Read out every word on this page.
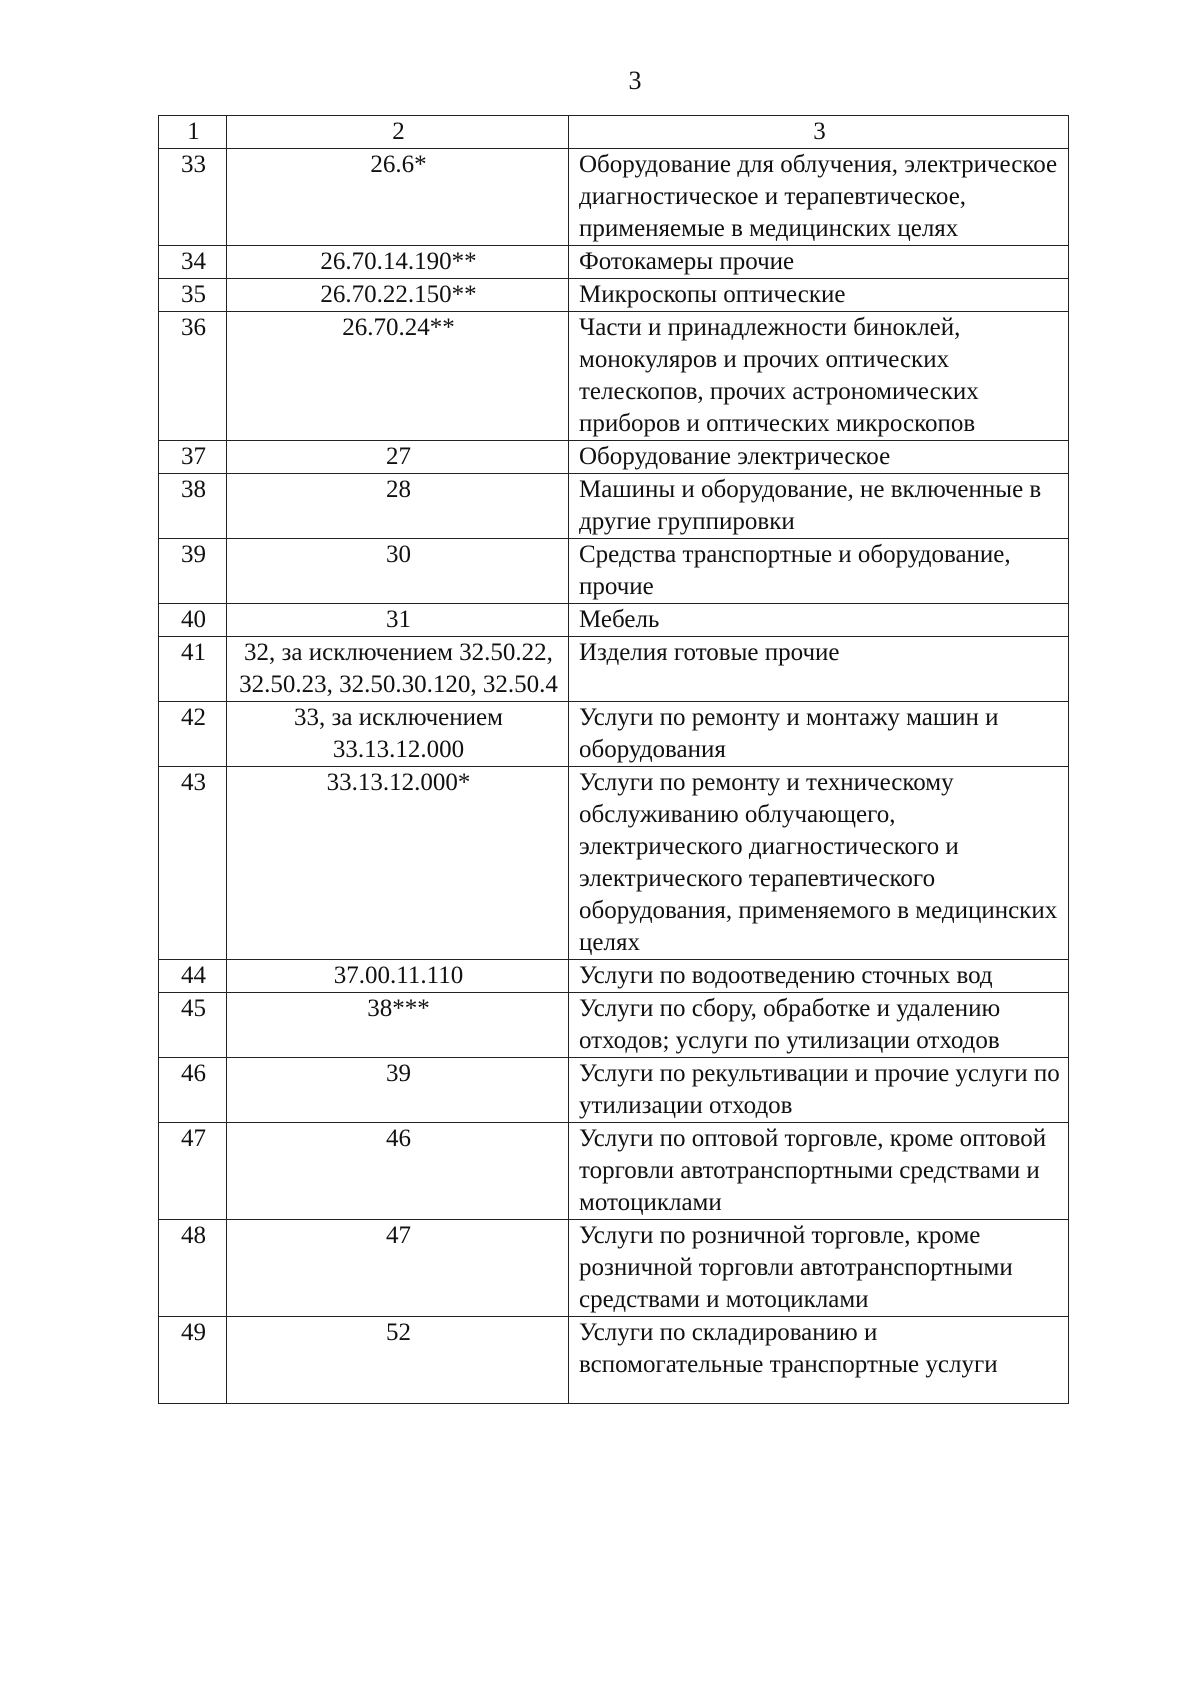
3
1	2	3
33	26.6*	Оборудование для облучения, электрическое диагностическое и терапевтическое, применяемые в медицинских целях
34	26.70.14.190**	Фотокамеры прочие
35	26.70.22.150**	Микроскопы оптические
36	26.70.24**	Части и принадлежности биноклей, монокуляров и прочих оптических телескопов, прочих астрономических приборов и оптических микроскопов
37	27	Оборудование электрическое
38	28	Машины и оборудование, не включенные в другие группировки
39	30	Средства транспортные и оборудование, прочие
40	31	Мебель
41	32, за исключением 32.50.22, 32.50.23, 32.50.30.120, 32.50.4	Изделия готовые прочие
42	33, за исключением 33.13.12.000	Услуги по ремонту и монтажу машин и оборудования
43	33.13.12.000*	Услуги по ремонту и техническому обслуживанию облучающего, электрического диагностического и электрического терапевтического оборудования, применяемого в медицинских целях
44	37.00.11.110	Услуги по водоотведению сточных вод
45	38***	Услуги по сбору, обработке и удалению отходов; услуги по утилизации отходов
46	39	Услуги по рекультивации и прочие услуги по утилизации отходов
47	46	Услуги по оптовой торговле, кроме оптовой торговли автотранспортными средствами и мотоциклами
48	47	Услуги по розничной торговле, кроме розничной торговли автотранспортными средствами и мотоциклами
49	52	Услуги по складированию и вспомогательные транспортные услуги
